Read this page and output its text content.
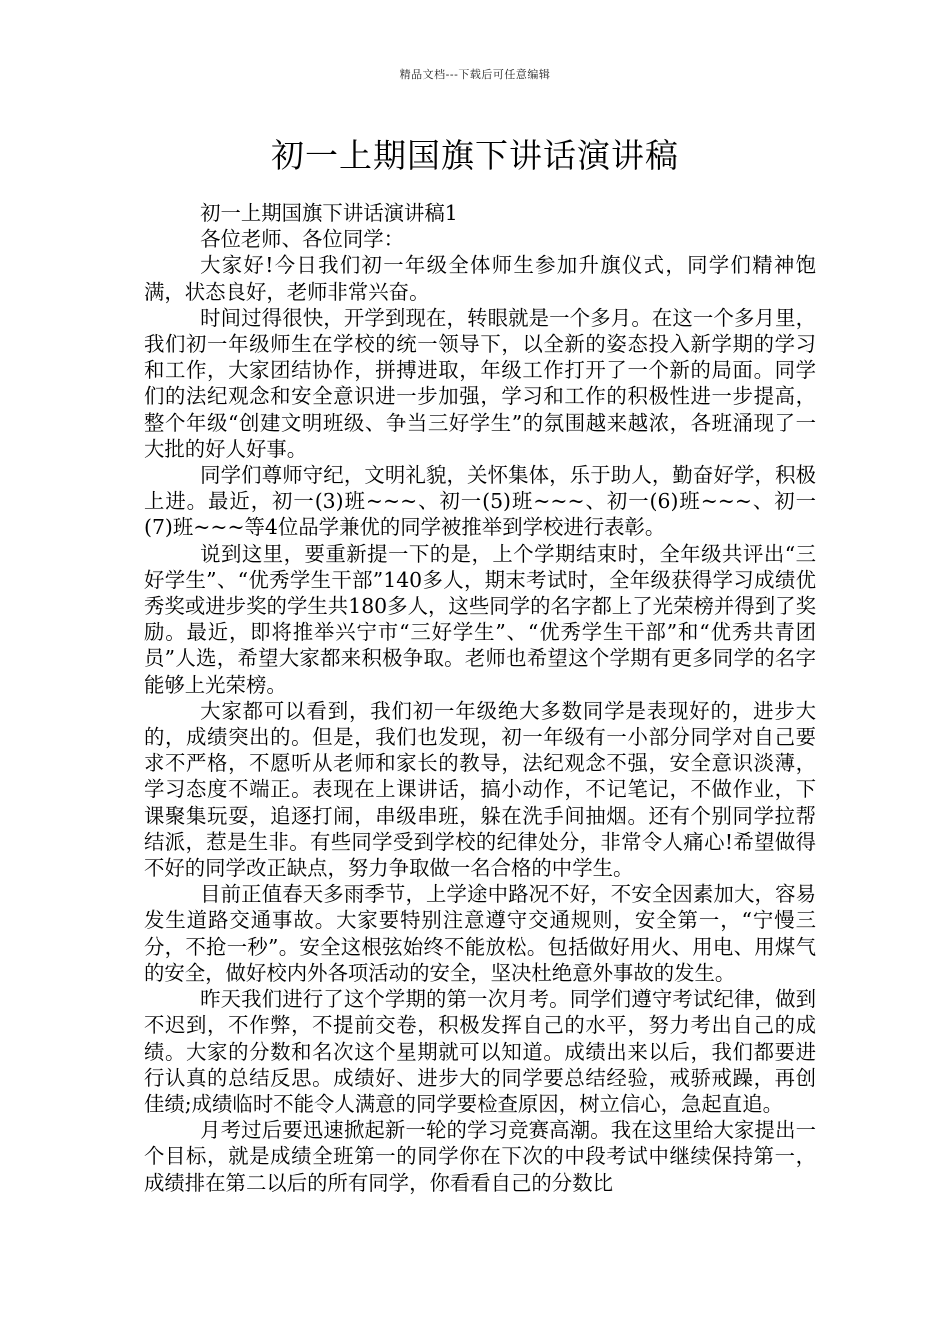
精品文档---下载后可任意编辑
初一上期国旗下讲话演讲稿

初一上期国旗下讲话演讲稿1

各位老师、各位同学：

大家好!今日我们初一年级全体师生参加升旗仪式，同学们精神饱满，状态良好，老师非常兴奋。

时间过得很快，开学到现在，转眼就是一个多月。在这一个多月里，我们初一年级师生在学校的统一领导下，以全新的姿态投入新学期的学习和工作，大家团结协作，拼搏进取，年级工作打开了一个新的局面。同学们的法纪观念和安全意识进一步加强，学习和工作的积极性进一步提高，整个年级“创建文明班级、争当三好学生”的氛围越来越浓，各班涌现了一大批的好人好事。

同学们尊师守纪，文明礼貌，关怀集体，乐于助人，勤奋好学，积极上进。最近，初一(3)班~~~、初一(5)班~~~、初一(6)班~~~、初一(7)班~~~等4位品学兼优的同学被推举到学校进行表彰。

说到这里，要重新提一下的是，上个学期结束时，全年级共评出“三好学生”、“优秀学生干部”140多人，期末考试时，全年级获得学习成绩优秀奖或进步奖的学生共180多人，这些同学的名字都上了光荣榜并得到了奖励。最近，即将推举兴宁市“三好学生”、“优秀学生干部”和“优秀共青团员”人选，希望大家都来积极争取。老师也希望这个学期有更多同学的名字能够上光荣榜。

大家都可以看到，我们初一年级绝大多数同学是表现好的，进步大的，成绩突出的。但是，我们也发现，初一年级有一小部分同学对自己要求不严格，不愿听从老师和家长的教导，法纪观念不强，安全意识淡薄，学习态度不端正。表现在上课讲话，搞小动作，不记笔记，不做作业，下课聚集玩耍，追逐打闹，串级串班，躲在洗手间抽烟。还有个别同学拉帮结派，惹是生非。有些同学受到学校的纪律处分，非常令人痛心!希望做得不好的同学改正缺点，努力争取做一名合格的中学生。

目前正值春天多雨季节，上学途中路况不好，不安全因素加大，容易发生道路交通事故。大家要特别注意遵守交通规则，安全第一，“宁慢三分，不抢一秒”。安全这根弦始终不能放松。包括做好用火、用电、用煤气的安全，做好校内外各项活动的安全，坚决杜绝意外事故的发生。

昨天我们进行了这个学期的第一次月考。同学们遵守考试纪律，做到不迟到，不作弊，不提前交卷，积极发挥自己的水平，努力考出自己的成绩。大家的分数和名次这个星期就可以知道。成绩出来以后，我们都要进行认真的总结反思。成绩好、进步大的同学要总结经验，戒骄戒躁，再创佳绩;成绩临时不能令人满意的同学要检查原因，树立信心，急起直追。

月考过后要迅速掀起新一轮的学习竞赛高潮。我在这里给大家提出一个目标，就是成绩全班第一的同学你在下次的中段考试中继续保持第一，成绩排在第二以后的所有同学，你看看自己的分数比
